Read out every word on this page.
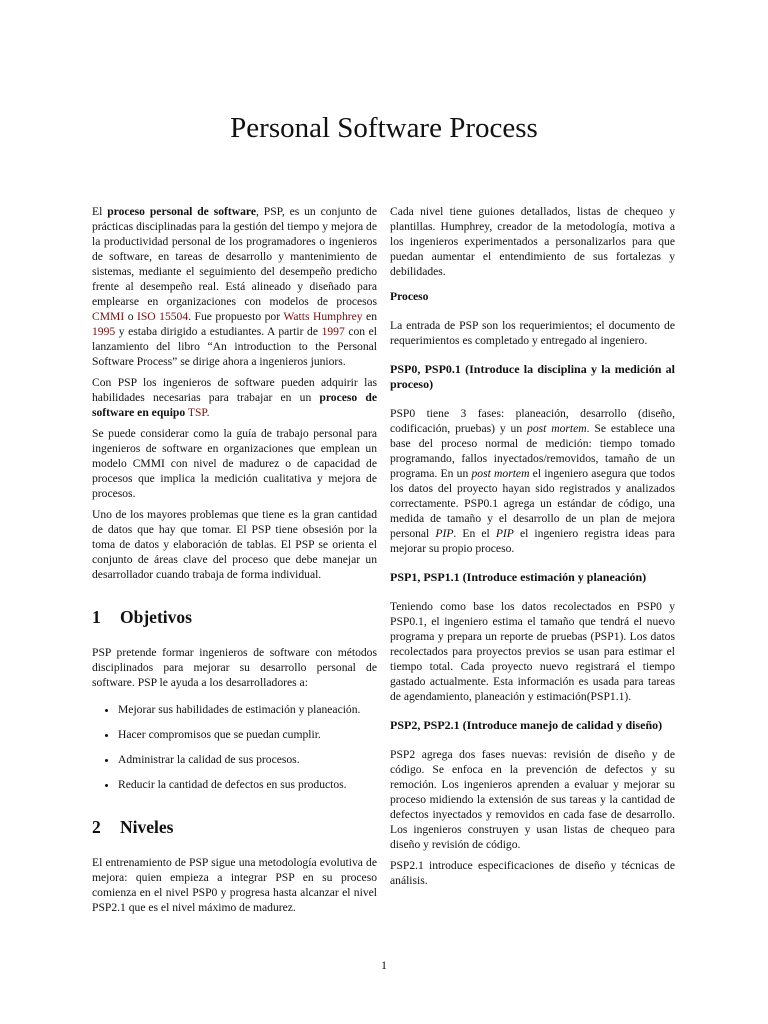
Personal Software Process

El proceso personal de software, PSP, es un conjunto de prácticas disciplinadas para la gestión del tiempo y mejora de la productividad personal de los programadores o ingenieros de software, en tareas de desarrollo y mantenimiento de sistemas, mediante el seguimiento del desempeño predicho frente al desempeño real. Está alineado y diseñado para emplearse en organizaciones con modelos de procesos CMMI o ISO 15504. Fue propuesto por Watts Humphrey en 1995 y estaba dirigido a estudiantes. A partir de 1997 con el lanzamiento del libro “An introduction to the Personal Software Process” se dirige ahora a ingenieros juniors.

Con PSP los ingenieros de software pueden adquirir las habilidades necesarias para trabajar en un proceso de software en equipo TSP.

Se puede considerar como la guía de trabajo personal para ingenieros de software en organizaciones que emplean un modelo CMMI con nivel de madurez o de capacidad de procesos que implica la medición cualitativa y mejora de procesos.

Uno de los mayores problemas que tiene es la gran cantidad de datos que hay que tomar. El PSP tiene obsesión por la toma de datos y elaboración de tablas. El PSP se orienta el conjunto de áreas clave del proceso que debe manejar un desarrollador cuando trabaja de forma individual.

1 Objetivos

PSP pretende formar ingenieros de software con métodos disciplinados para mejorar su desarrollo personal de software. PSP le ayuda a los desarrolladores a:

• Mejorar sus habilidades de estimación y planeación.
• Hacer compromisos que se puedan cumplir.
• Administrar la calidad de sus procesos.
• Reducir la cantidad de defectos en sus productos.
2 Niveles

El entrenamiento de PSP sigue una metodología evolutiva de mejora: quien empieza a integrar PSP en su proceso comienza en el nivel PSP0 y progresa hasta alcanzar el nivel PSP2.1 que es el nivel máximo de madurez.

Cada nivel tiene guiones detallados, listas de chequeo y plantillas. Humphrey, creador de la metodología, motiva a los ingenieros experimentados a personalizarlos para que puedan aumentar el entendimiento de sus fortalezas y debilidades.

Proceso

La entrada de PSP son los requerimientos; el documento de requerimientos es completado y entregado al ingeniero.

PSP0, PSP0.1 (Introduce la disciplina y la medición al proceso)

PSP0 tiene 3 fases: planeación, desarrollo (diseño, codificación, pruebas) y un post mortem. Se establece una base del proceso normal de medición: tiempo tomado programando, fallos inyectados/removidos, tamaño de un programa. En un post mortem el ingeniero asegura que todos los datos del proyecto hayan sido registrados y analizados correctamente. PSP0.1 agrega un estándar de código, una medida de tamaño y el desarrollo de un plan de mejora personal PIP. En el PIP el ingeniero registra ideas para mejorar su propio proceso.

PSP1, PSP1.1 (Introduce estimación y planeación)

Teniendo como base los datos recolectados en PSP0 y PSP0.1, el ingeniero estima el tamaño que tendrá el nuevo programa y prepara un reporte de pruebas (PSP1). Los datos recolectados para proyectos previos se usan para estimar el tiempo total. Cada proyecto nuevo registrará el tiempo gastado actualmente. Esta información es usada para tareas de agendamiento, planeación y estimación(PSP1.1).

PSP2, PSP2.1 (Introduce manejo de calidad y diseño)

PSP2 agrega dos fases nuevas: revisión de diseño y de código. Se enfoca en la prevención de defectos y su remoción. Los ingenieros aprenden a evaluar y mejorar su proceso midiendo la extensión de sus tareas y la cantidad de defectos inyectados y removidos en cada fase de desarrollo. Los ingenieros construyen y usan listas de chequeo para diseño y revisión de código.

PSP2.1 introduce especificaciones de diseño y técnicas de análisis.

1
